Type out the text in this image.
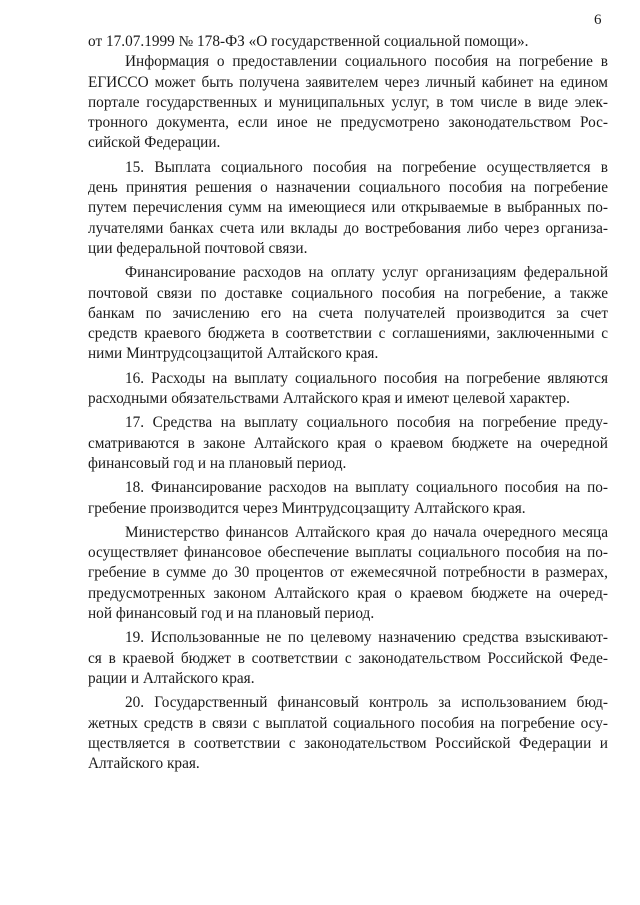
6
от 17.07.1999 № 178-ФЗ «О государственной социальной помощи».
Информация о предоставлении социального пособия на погребение в
ЕГИССО может быть получена заявителем через личный кабинет на едином
портале государственных и муниципальных услуг, в том числе в виде элек-
тронного документа, если иное не предусмотрено законодательством Рос-
сийской Федерации.
15. Выплата социального пособия на погребение осуществляется в
день принятия решения о назначении социального пособия на погребение
путем перечисления сумм на имеющиеся или открываемые в выбранных по-
лучателями банках счета или вклады до востребования либо через организа-
ции федеральной почтовой связи.
Финансирование расходов на оплату услуг организациям федеральной
почтовой связи по доставке социального пособия на погребение, а также
банкам по зачислению его на счета получателей производится за счет
средств краевого бюджета в соответствии с соглашениями, заключенными с
ними Минтрудсоцзащитой Алтайского края.
16. Расходы на выплату социального пособия на погребение являются
расходными обязательствами Алтайского края и имеют целевой характер.
17. Средства на выплату социального пособия на погребение преду-
сматриваются в законе Алтайского края о краевом бюджете на очередной
финансовый год и на плановый период.
18. Финансирование расходов на выплату социального пособия на по-
гребение производится через Минтрудсоцзащиту Алтайского края.
Министерство финансов Алтайского края до начала очередного месяца
осуществляет финансовое обеспечение выплаты социального пособия на по-
гребение в сумме до 30 процентов от ежемесячной потребности в размерах,
предусмотренных законом Алтайского края о краевом бюджете на очеред-
ной финансовый год и на плановый период.
19. Использованные не по целевому назначению средства взыскивают-
ся в краевой бюджет в соответствии с законодательством Российской Феде-
рации и Алтайского края.
20. Государственный финансовый контроль за использованием бюд-
жетных средств в связи с выплатой социального пособия на погребение осу-
ществляется в соответствии с законодательством Российской Федерации и
Алтайского края.
